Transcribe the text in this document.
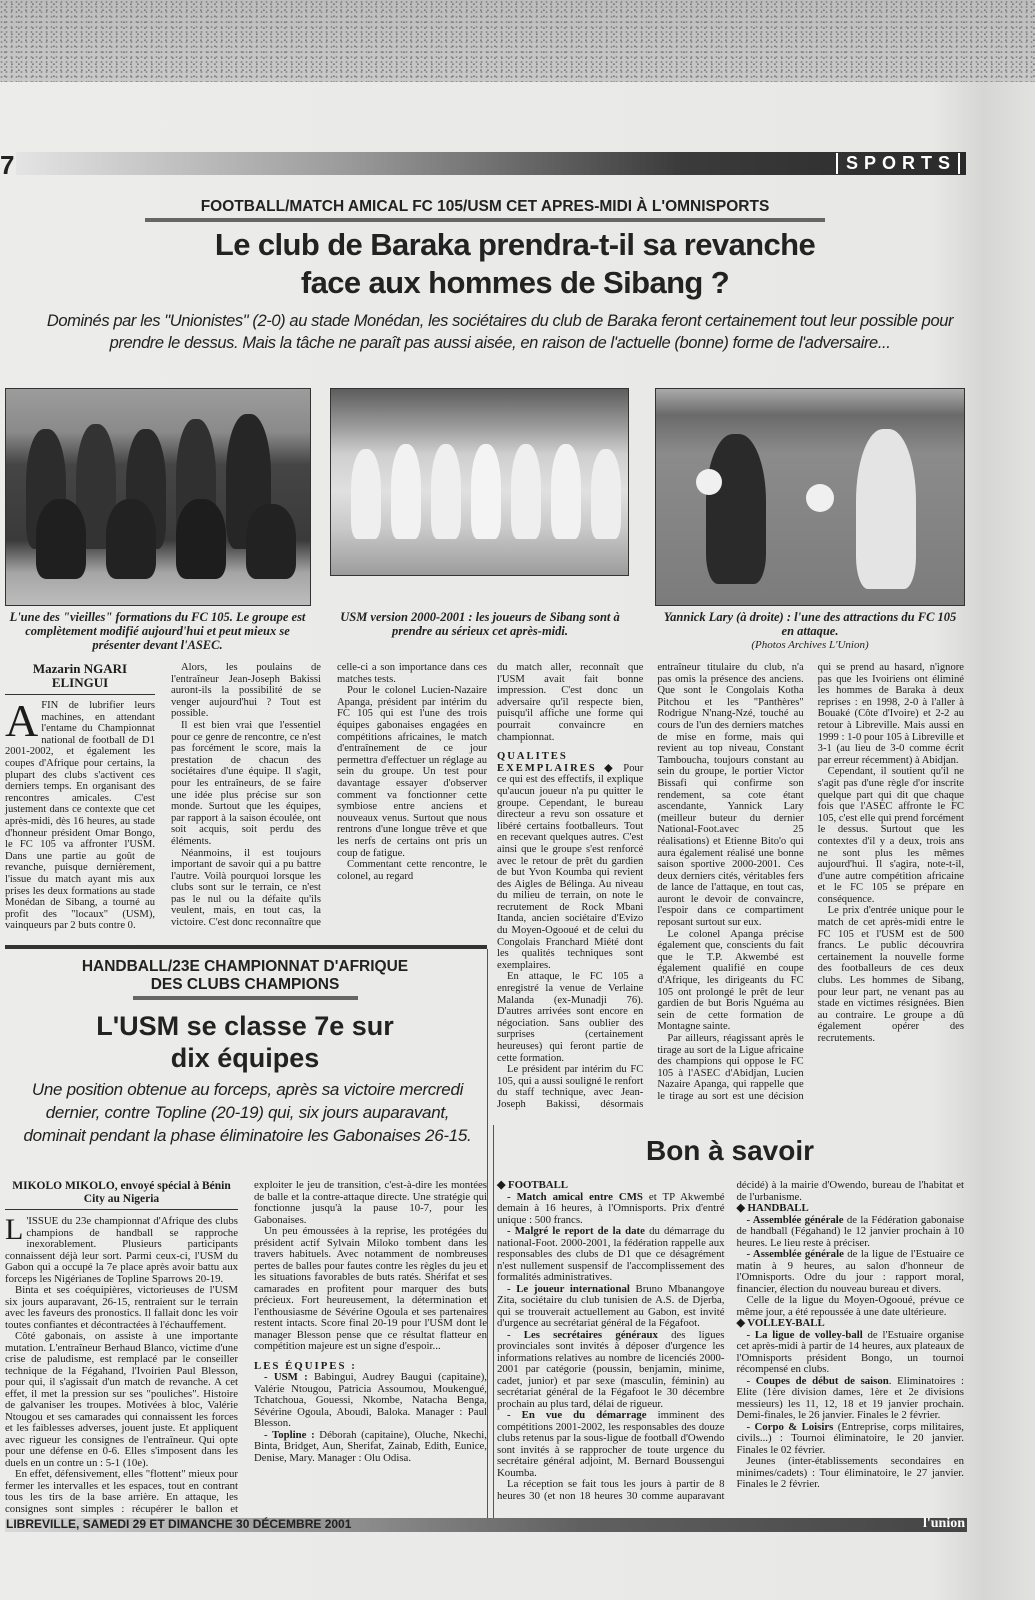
7	SPORTS
FOOTBALL/MATCH AMICAL FC 105/USM CET APRES-MIDI À L'OMNISPORTS
Le club de Baraka prendra-t-il sa revanche
face aux hommes de Sibang ?
Dominés par les "Unionistes" (2-0) au stade Monédan, les sociétaires du club de Baraka feront certainement tout leur possible pour prendre le dessus. Mais la tâche ne paraît pas aussi aisée, en raison de l'actuelle (bonne) forme de l'adversaire...
L'une des "vieilles" formations du FC 105. Le groupe est complètement modifié aujourd'hui et peut mieux se présenter devant l'ASEC.
USM version 2000-2001 : les joueurs de Sibang sont à prendre au sérieux cet après-midi.
Yannick Lary (à droite) : l'une des attractions du FC 105 en attaque.
(Photos Archives L'Union)
Mazarin NGARI ELINGUI
A FIN de lubrifier leurs machines, en attendant l'entame du Championnat national de football de D1 2001-2002, et également les coupes d'Afrique pour certains, la plupart des clubs s'activent ces derniers temps. En organisant des rencontres amicales. C'est justement dans ce contexte que cet après-midi, dès 16 heures, au stade d'honneur président Omar Bongo, le FC 105 va affronter l'USM. Dans une partie au goût de revanche, puisque dernièrement, l'issue du match ayant mis aux prises les deux formations au stade Monédan de Sibang, a tourné au profit des "locaux" (USM), vainqueurs par 2 buts contre 0.

Alors, les poulains de l'entraîneur Jean-Joseph Bakissi auront-ils la possibilité de se venger aujourd'hui ? Tout est possible.

Il est bien vrai que l'essentiel pour ce genre de rencontre, ce n'est pas forcément le score, mais la prestation de chacun des sociétaires d'une équipe. Il s'agit, pour les entraîneurs, de se faire une idée plus précise sur son monde. Surtout que les équipes, par rapport à la saison écoulée, ont soit acquis, soit perdu des éléments.

Néanmoins, il est toujours important de savoir qui a pu battre l'autre. Voilà pourquoi lorsque les clubs sont sur le terrain, ce n'est pas le nul ou la défaite qu'ils veulent, mais, en tout cas, la victoire. C'est donc reconnaître que celle-ci a son importance dans ces matches tests.

Pour le colonel Lucien-Nazaire Apanga, président par intérim du FC 105 qui est l'une des trois équipes gabonaises engagées en compétitions africaines, le match d'entraînement de ce jour permettra d'effectuer un réglage au sein du groupe. Un test pour davantage essayer d'observer comment va fonctionner cette symbiose entre anciens et nouveaux venus. Surtout que nous rentrons d'une longue trêve et que les nerfs de certains ont pris un coup de fatigue.

Commentant cette rencontre, le colonel, au regard

du match aller, reconnaît que l'USM avait fait bonne impression. C'est donc un adversaire qu'il respecte bien, puisqu'il affiche une forme qui pourrait convaincre en championnat.

QUALITES EXEMPLAIRES ◆ Pour ce qui est des effectifs, il explique qu'aucun joueur n'a pu quitter le groupe. Cependant, le bureau directeur a revu son ossature et libéré certains footballeurs. Tout en recevant quelques autres. C'est ainsi que le groupe s'est renforcé avec le retour de prêt du gardien de but Yvon Koumba qui revient des Aigles de Bélinga. Au niveau du milieu de terrain, on note le recrutement de Rock Mbani Itanda, ancien sociétaire d'Evizo du Moyen-Ogooué et de celui du Congolais Franchard Miété dont les qualités techniques sont exemplaires.

En attaque, le FC 105 a enregistré la venue de Verlaine Malanda (ex-Munadji 76). D'autres arrivées sont encore en négociation. Sans oublier des surprises (certainement heureuses) qui feront partie de cette formation.

Le président par intérim du FC 105, qui a aussi souligné le renfort du staff technique, avec Jean-Joseph Bakissi, désormais entraîneur titulaire du club, n'a pas omis la présence des anciens. Que sont le Congolais Kotha Pitchou et les "Panthères" Rodrigue N'nang-Nzé, touché au cours de l'un des derniers matches de mise en forme, mais qui revient au top niveau, Constant Tamboucha, toujours constant au sein du groupe, le portier Victor Bissafi qui confirme son rendement, sa cote étant ascendante, Yannick Lary (meilleur buteur du dernier National-Foot.avec 25 réalisations) et Etienne Bito'o qui aura également réalisé une bonne saison sportive 2000-2001. Ces deux derniers cités, véritables fers de lance de l'attaque, en tout cas, auront le devoir de convaincre, l'espoir dans ce compartiment reposant surtout sur eux.

Le colonel Apanga précise également que, conscients du fait que le T.P. Akwembé est également qualifié en coupe d'Afrique, les dirigeants du FC 105 ont prolongé le prêt de leur gardien de but Boris Nguéma au sein de cette formation de Montagne sainte.

Par ailleurs, réagissant après le tirage au sort de la Ligue africaine des champions qui oppose le FC 105 à l'ASEC d'Abidjan, Lucien Nazaire Apanga, qui rappelle que le tirage au sort est une décision qui se prend au hasard, n'ignore pas que les Ivoiriens ont éliminé les hommes de Baraka à deux reprises : en 1998, 2-0 à l'aller à Bouaké (Côte d'Ivoire) et 2-2 au retour à Libreville. Mais aussi en 1999 : 1-0 pour 105 à Libreville et 3-1 (au lieu de 3-0 comme écrit par erreur récemment) à Abidjan.

Cependant, il soutient qu'il ne s'agit pas d'une règle d'or inscrite quelque part qui dit que chaque fois que l'ASEC affronte le FC 105, c'est elle qui prend forcément le dessus. Surtout que les contextes d'il y a deux, trois ans ne sont plus les mêmes aujourd'hui. Il s'agira, note-t-il, d'une autre compétition africaine et le FC 105 se prépare en conséquence.

Le prix d'entrée unique pour le match de cet après-midi entre le FC 105 et l'USM est de 500 francs. Le public découvrira certainement la nouvelle forme des footballeurs de ces deux clubs. Les hommes de Sibang, pour leur part, ne venant pas au stade en victimes résignées. Bien au contraire. Le groupe a dû également opérer des recrutements.

HANDBALL/23E CHAMPIONNAT D'AFRIQUE
DES CLUBS CHAMPIONS
L'USM se classe 7e sur
dix équipes
Une position obtenue au forceps, après sa victoire mercredi dernier, contre Topline (20-19) qui, six jours auparavant, dominait pendant la phase éliminatoire les Gabonaises 26-15.
MIKOLO MIKOLO, envoyé spécial à Bénin City au Nigeria
L 'ISSUE du 23e championnat d'Afrique des clubs champions de handball se rapproche inexorablement. Plusieurs participants connaissent déjà leur sort. Parmi ceux-ci, l'USM du Gabon qui a occupé la 7e place après avoir battu aux forceps les Nigérianes de Topline Sparrows 20-19.

Binta et ses coéquipières, victorieuses de l'USM six jours auparavant, 26-15, rentraient sur le terrain avec les faveurs des pronostics. Il fallait donc les voir toutes confiantes et décontractées à l'échauffement.

Côté gabonais, on assiste à une importante mutation. L'entraîneur Berhaud Blanco, victime d'une crise de paludisme, est remplacé par le conseiller technique de la Fégahand, l'Ivoirien Paul Blesson, pour qui, il s'agissait d'un match de revanche. A cet effet, il met la pression sur ses "pouliches". Histoire de galvaniser les troupes. Motivées à bloc, Valérie Ntougou et ses camarades qui connaissent les forces et les faiblesses adverses, jouent juste. Et appliquent avec rigueur les consignes de l'entraîneur. Qui opte pour une défense en 0-6. Elles s'imposent dans les duels en un contre un : 5-1 (10e).

En effet, défensivement, elles "flottent" mieux pour fermer les intervalles et les espaces, tout en contrant tous les tirs de la base arrière. En attaque, les consignes sont simples : récupérer le ballon et exploiter le jeu de transition, c'est-à-dire les montées de balle et la contre-attaque directe. Une stratégie qui fonctionne jusqu'à la pause 10-7, pour les Gabonaises.

Un peu émoussées à la reprise, les protégées du président actif Sylvain Miloko tombent dans les travers habituels. Avec notamment de nombreuses pertes de balles pour fautes contre les règles du jeu et les situations favorables de buts ratés. Shérifat et ses camarades en profitent pour marquer des buts précieux. Fort heureusement, la détermination et l'enthousiasme de Sévérine Ogoula et ses partenaires restent intacts. Score final 20-19 pour l'USM dont le manager Blesson pense que ce résultat flatteur en compétition majeure est un signe d'espoir...

LES ÉQUIPES :

- USM : Babingui, Audrey Baugui (capitaine), Valérie Ntougou, Patricia Assoumou, Moukengué, Tchatchoua, Gouessi, Nkombe, Natacha Benga, Sévérine Ogoula, Aboudi, Baloka. Manager : Paul Blesson.

- Topline : Déborah (capitaine), Oluche, Nkechi, Binta, Bridget, Aun, Sherifat, Zainab, Edith, Eunice, Denise, Mary. Manager : Olu Odisa.

Bon à savoir

◆ FOOTBALL

- Match amical entre CMS et TP Akwembé demain à 16 heures, à l'Omnisports. Prix d'entré unique : 500 francs.

- Malgré le report de la date du démarrage du national-Foot. 2000-2001, la fédération rappelle aux responsables des clubs de D1 que ce désagrément n'est nullement suspensif de l'accomplissement des formalités administratives.

- Le joueur international Bruno Mbanangoye Zita, sociétaire du club tunisien de A.S. de Djerba, qui se trouverait actuellement au Gabon, est invité d'urgence au secrétariat général de la Fégafoot.

- Les secrétaires généraux des ligues provinciales sont invités à déposer d'urgence les informations relatives au nombre de licenciés 2000-2001 par catégorie (poussin, benjamin, minime, cadet, junior) et par sexe (masculin, féminin) au secrétariat général de la Fégafoot le 30 décembre prochain au plus tard, délai de rigueur.

- En vue du démarrage imminent des compétitions 2001-2002, les responsables des douze clubs retenus par la sous-ligue de football d'Owendo sont invités à se rapprocher de toute urgence du secrétaire général adjoint, M. Bernard Boussengui Koumba.

La réception se fait tous les jours à partir de 8 heures 30 (et non 18 heures 30 comme auparavant décidé) à la mairie d'Owendo, bureau de l'habitat et de l'urbanisme.

◆ HANDBALL

- Assemblée générale de la Fédération gabonaise de handball (Fégahand) le 12 janvier prochain à 10 heures. Le lieu reste à préciser.

- Assemblée générale de la ligue de l'Estuaire ce matin à 9 heures, au salon d'honneur de l'Omnisports. Odre du jour : rapport moral, financier, élection du nouveau bureau et divers.

Celle de la ligue du Moyen-Ogooué, prévue ce même jour, a été repoussée à une date ultérieure.

◆ VOLLEY-BALL

- La ligue de volley-ball de l'Estuaire organise cet après-midi à partir de 14 heures, aux plateaux de l'Omnisports président Bongo, un tournoi récompensé en clubs.

- Coupes de début de saison. Eliminatoires : Elite (1ère division dames, 1ère et 2e divisions messieurs) les 11, 12, 18 et 19 janvier prochain. Demi-finales, le 26 janvier. Finales le 2 février.

- Corpo & Loisirs (Entreprise, corps militaires, civils...) : Tournoi éliminatoire, le 20 janvier. Finales le 02 février.

Jeunes (inter-établissements secondaires en minimes/cadets) : Tour éliminatoire, le 27 janvier. Finales le 2 février.

LIBREVILLE, SAMEDI 29 ET DIMANCHE 30 DÉCEMBRE 2001	l'union
